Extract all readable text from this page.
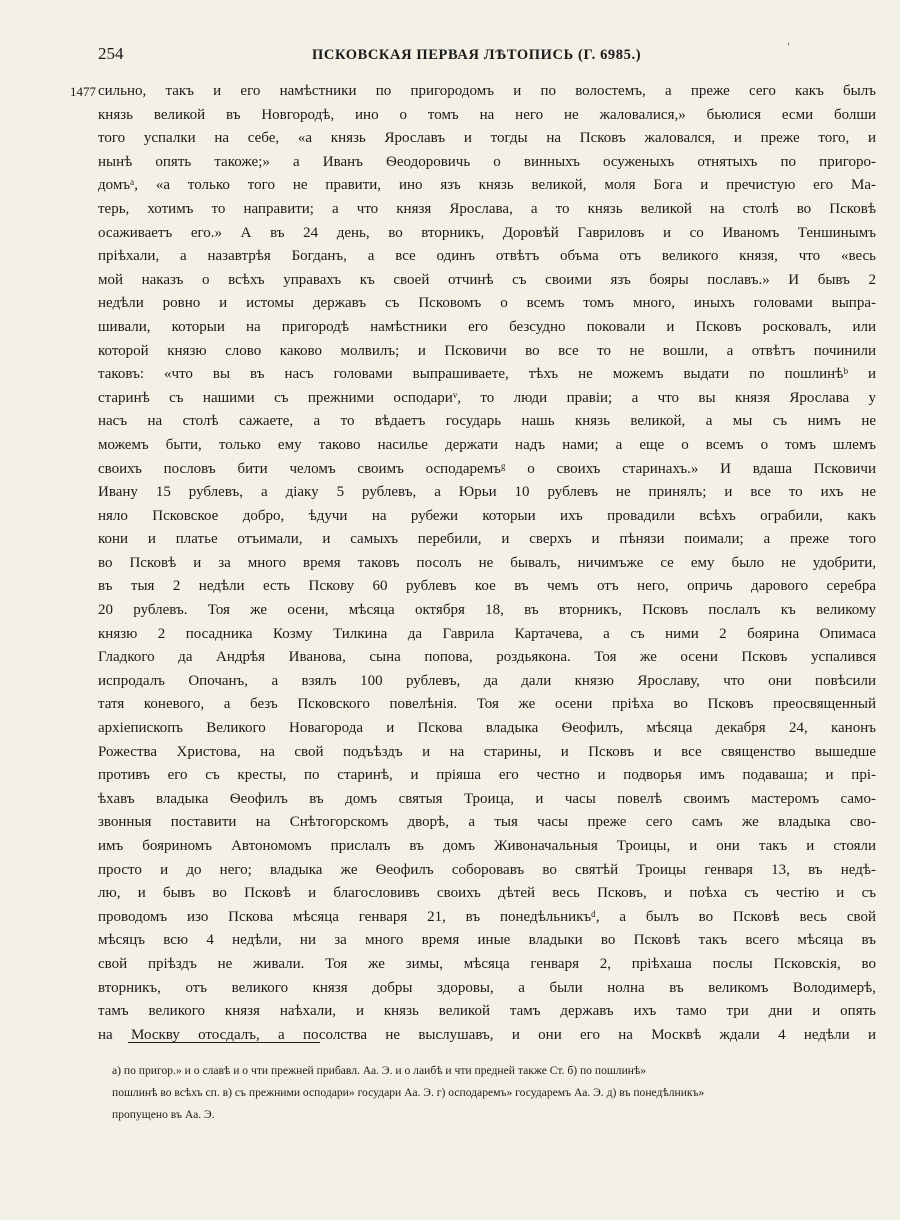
'
254	ПСКОВСКАЯ ПЕРВАЯ ЛѢТОПИСЬ (Г. 6985.)
1477 сильно, такъ и его намѣстники по пригородомъ и по волостемъ, а преже сего какъ былъ
князь великой въ Новгородѣ, ино о томъ на него не жаловалися,» бьюлися есми болши
того успалки на себе, «а князь Ярославъ и тогды на Псковъ жаловался, и преже того, и
нынѣ опять такоже;» а Иванъ Ѳеодоровичь о винныхъ осуженыхъ отнятыхъ по пригоро-
домъᵃ, «а только того не правити, ино язъ князь великой, моля Бога и пречистую его Ма-
терь, хотимъ то направити; а что князя Ярослава, а то князь великой на столѣ во Псковѣ
осаживаетъ его.» А въ 24 день, во вторникъ, Доровѣй Гавриловъ и со Иваномъ Теншинымъ
пріѣхали, а назавтрѣя Богданъ, а все одинъ отвѣтъ объма отъ великого князя, что «весь
мой наказъ о всѣхъ управахъ къ своей отчинѣ съ своими язъ бояры пославъ.» И бывъ 2
недѣли ровно и истомы державъ съ Псковомъ о всемъ томъ много, иныхъ головами выпра-
шивали, которыи на пригородѣ намѣстники его безсудно поковали и Псковъ росковалъ, или
которой князю слово каково молвилъ; и Псковичи во все то не вошли, а отвѣтъ починили
таковъ: «что вы въ насъ головами выпрашиваете, тѣхъ не можемъ выдати по пошлинѣᵇ и
старинѣ съ нашими съ прежними осподариᵛ, то люди правіи; а что вы князя Ярослава у
насъ на столѣ сажаете, а то вѣдаетъ государь нашь князь великой, а мы съ нимъ не
можемъ быти, только ему таково насилье держати надъ нами; а еще о всемъ о томъ шлемъ
своихъ пословъ бити челомъ своимъ осподаремъᵍ о своихъ старинахъ.» И вдаша Псковичи
Ивану 15 рублевъ, а діаку 5 рублевъ, а Юрьи 10 рублевъ не принялъ; и все то ихъ не
няло Псковское добро, ѣдучи на рубежи которыи ихъ провадили всѣхъ ограбили, какъ
кони и платье отъимали, и самыхъ перебили, и сверхъ и пѣнязи поимали; а преже того
во Псковѣ и за много время таковъ посолъ не бывалъ, ничимъже се ему было не удобрити,
въ тыя 2 недѣли есть Пскову 60 рублевъ кое въ чемъ отъ него, опричь дарового серебра
20 рублевъ. Тоя же осени, мѣсяца октября 18, въ вторникъ, Псковъ послалъ къ великому
князю 2 посадника Козму Тилкина да Гаврила Картачева, а съ ними 2 боярина Опимаса
Гладкого да Андрѣя Иванова, сына попова, роздьякона. Тоя же осени Псковъ успалився
испродалъ Опочанъ, а взялъ 100 рублевъ, да дали князю Ярославу, что они повѣсили
татя коневого, а безъ Псковского повелѣнія. Тоя же осени пріѣха во Псковъ преосвященный
архіепископъ Великого Новагорода и Пскова владыка Ѳеофилъ, мѣсяца декабря 24, канонъ
Рожества Христова, на свой подъѣздъ и на старины, и Псковъ и все священство вышедше
противъ его съ кресты, по старинѣ, и пріяша его честно и подворья имъ подаваша; и прі-
ѣхавъ владыка Ѳеофилъ въ домъ святыя Троица, и часы повелѣ своимъ мастеромъ само-
звонныя поставити на Снѣтогорскомъ дворѣ, а тыя часы преже сего самъ же владыка сво-
имъ бояриномъ Автономомъ прислалъ въ домъ Живоначальныя Троицы, и они такъ и стояли
просто и до него; владыка же Ѳеофилъ соборовавъ во святѣй Троицы генваря 13, въ недѣ-
лю, и бывъ во Псковѣ и благословивъ своихъ дѣтей весь Псковъ, и поѣха съ честію и съ
проводомъ изо Пскова мѣсяца генваря 21, въ понедѣльникъᵈ, а былъ во Псковѣ весь свой
мѣсяцъ всю 4 недѣли, ни за много время иные владыки во Псковѣ такъ всего мѣсяца въ
свой пріѣздъ не живали. Тоя же зимы, мѣсяца генваря 2, пріѣхаша послы Псковскія, во
вторникъ, отъ великого князя добры здоровы, а были нолна въ великомъ Володимерѣ,
тамъ великого князя наѣхали, и князь великой тамъ державъ ихъ тамо три дни и опять
на Москву отосдалъ, а посолства не выслушавъ, и они его на Москвѣ ждали 4 недѣли и
а) по пригор.» и о славѣ и о чти прежней прибавл. Аа. Э. и о лаибѣ и чти предней также Ст. б) по пошлинѣ»
пошлинѣ во всѣхъ сп. в) съ прежними осподари» государи Аа. Э. г) осподаремъ» государемъ Аа. Э. д) въ понедѣлникъ»
пропущено въ Аа. Э.
